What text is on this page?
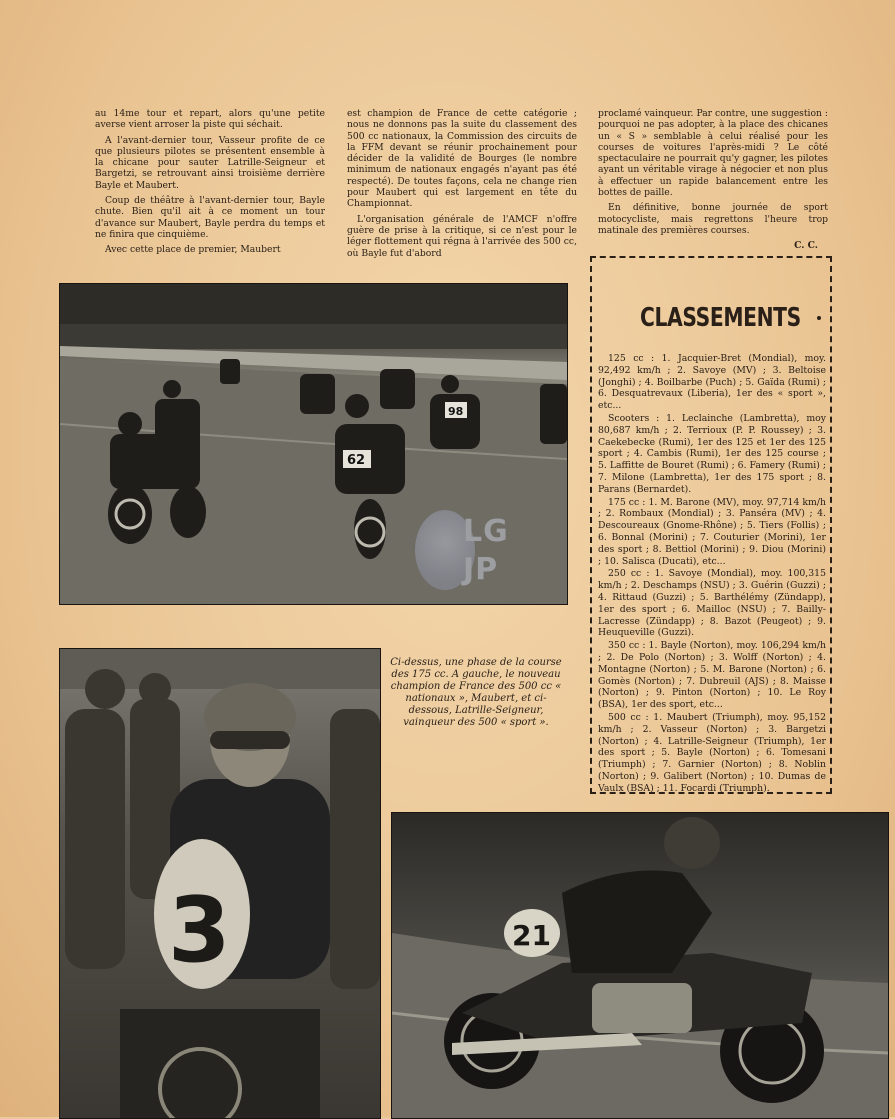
au 14me tour et repart, alors qu'une petite averse vient arroser la piste qui séchait.

A l'avant-dernier tour, Vasseur profite de ce que plusieurs pilotes se présentent ensemble à la chicane pour sauter Latrille-Seigneur et Bargetzi, se retrouvant ainsi troisième derrière Bayle et Maubert.

Coup de théâtre à l'avant-dernier tour, Bayle chute. Bien qu'il ait à ce moment un tour d'avance sur Maubert, Bayle perdra du temps et ne finira que cinquième.

Avec cette place de premier, Maubert

est champion de France de cette catégorie ; nous ne donnons pas la suite du classement des 500 cc nationaux, la Commission des circuits de la FFM devant se réunir prochainement pour décider de la validité de Bourges (le nombre minimum de nationaux engagés n'ayant pas été respecté). De toutes façons, cela ne change rien pour Maubert qui est largement en tête du Championnat.

L'organisation générale de l'AMCF n'offre guère de prise à la critique, si ce n'est pour le léger flottement qui régna à l'arrivée des 500 cc, où Bayle fut d'abord

proclamé vainqueur. Par contre, une suggestion : pourquoi ne pas adopter, à la place des chicanes un « S » semblable à celui réalisé pour les courses de voitures l'après-midi ? Le côté spectaculaire ne pourrait qu'y gagner, les pilotes ayant un véritable virage à négocier et non plus à effectuer un rapide balancement entre les bottes de paille.

En définitive, bonne journée de sport motocycliste, mais regrettons l'heure trop matinale des premières courses.

C. C.

62
98
LG
JP
3
Ci-dessus, une phase de la course des 175 cc. A gauche, le nouveau champion de France des 500 cc « nationaux », Maubert, et ci-dessous, Latrille-Seigneur, vainqueur des 500 « sport ».
CLASSEMENTS

125 cc : 1. Jacquier-Bret (Mondial), moy. 92,492 km/h ; 2. Savoye (MV) ; 3. Beltoise (Jonghi) ; 4. Boilbarbe (Puch) ; 5. Gaïda (Rumi) ; 6. Desquatrevaux (Liberia), 1er des « sport », etc...

Scooters : 1. Leclainche (Lambretta), moy 80,687 km/h ; 2. Terrioux (P. P. Roussey) ; 3. Caekebecke (Rumi), 1er des 125 et 1er des 125 sport ; 4. Cambis (Rumi), 1er des 125 course ; 5. Laffitte de Bouret (Rumi) ; 6. Famery (Rumi) ; 7. Milone (Lambretta), 1er des 175 sport ; 8. Parans (Bernardet).

175 cc : 1. M. Barone (MV), moy. 97,714 km/h ; 2. Rombaux (Mondial) ; 3. Panséra (MV) ; 4. Descoureaux (Gnome-Rhône) ; 5. Tiers (Follis) ; 6. Bonnal (Morini) ; 7. Couturier (Morini), 1er des sport ; 8. Bettiol (Morini) ; 9. Diou (Morini) ; 10. Salisca (Ducati), etc...

250 cc : 1. Savoye (Mondial), moy. 100,315 km/h ; 2. Deschamps (NSU) ; 3. Guérin (Guzzi) ; 4. Rittaud (Guzzi) ; 5. Barthélémy (Zündapp), 1er des sport ; 6. Mailloc (NSU) ; 7. Bailly-Lacresse (Zündapp) ; 8. Bazot (Peugeot) ; 9. Heuqueville (Guzzi).

350 cc : 1. Bayle (Norton), moy. 106,294 km/h ; 2. De Polo (Norton) ; 3. Wolff (Norton) ; 4. Montagne (Norton) ; 5. M. Barone (Norton) ; 6. Gomès (Norton) ; 7. Dubreuil (AJS) ; 8. Maisse (Norton) ; 9. Pinton (Norton) ; 10. Le Roy (BSA), 1er des sport, etc...

500 cc : 1. Maubert (Triumph), moy. 95,152 km/h ; 2. Vasseur (Norton) ; 3. Bargetzi (Norton) ; 4. Latrille-Seigneur (Triumph), 1er des sport ; 5. Bayle (Norton) ; 6. Tomesani (Triumph) ; 7. Garnier (Norton) ; 8. Noblin (Norton) ; 9. Galibert (Norton) ; 10. Dumas de Vaulx (BSA) ; 11. Focardi (Triumph).

21
